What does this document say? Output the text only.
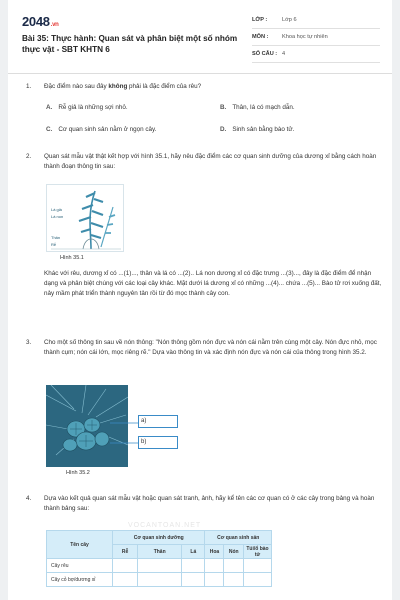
2048.vn
Bài 35: Thực hành: Quan sát và phân biệt một số nhóm thực vật - SBT KHTN 6
LỚP :	Lớp 6
MÔN :	Khoa học tự nhiên
SỐ CÂU : 4
1. Đặc điểm nào sau đây không phải là đặc điểm của rêu?
A. Rễ giả là những sợi nhỏ.	B. Thân, lá có mạch dẫn.
C. Cơ quan sinh sản nằm ở ngọn cây.	D. Sinh sản bằng bào tử.
2. Quan sát mẫu vật thật kết hợp với hình 35.1, hãy nêu đặc điểm các cơ quan sinh dưỡng của dương xỉ bằng cách hoàn thành đoạn thông tin sau:
Lá già
Lá non
Thân
Rễ
Hình 35.1
Khác với rêu, dương xỉ có ...(1)..., thân và lá có ...(2).. Lá non dương xỉ có đặc trưng ...(3)..., đây là đặc điểm để nhận dạng và phân biệt chúng với các loại cây khác. Mặt dưới lá dương xỉ có những ...(4)... chứa ...(5)... Bào tử rơi xuống đất, nảy mầm phát triển thành nguyên tản rồi từ đó mọc thành cây con.
3. Cho một số thông tin sau về nón thông: "Nón thông gồm nón đực và nón cái nằm trên cùng một cây. Nón đực nhỏ, mọc thành cụm; nón cái lớn, mọc riêng rẽ." Dựa vào thông tin và xác định nón đực và nón cái của thông trong hình 35.2.
a)
b)
Hình 35.2
4. Dựa vào kết quả quan sát mẫu vật hoặc quan sát tranh, ảnh, hãy kể tên các cơ quan có ở các cây trong bảng và hoàn thành bảng sau:
VOCANTOAN.NET
Tên cây	Cơ quan sinh dưỡng			Cơ quan sinh sản		
	Rễ	Thân	Lá	Hoa	Nón	Túi/ổ bào tử
Cây rêu						
Cây cỏ bợ/dương xỉ						
